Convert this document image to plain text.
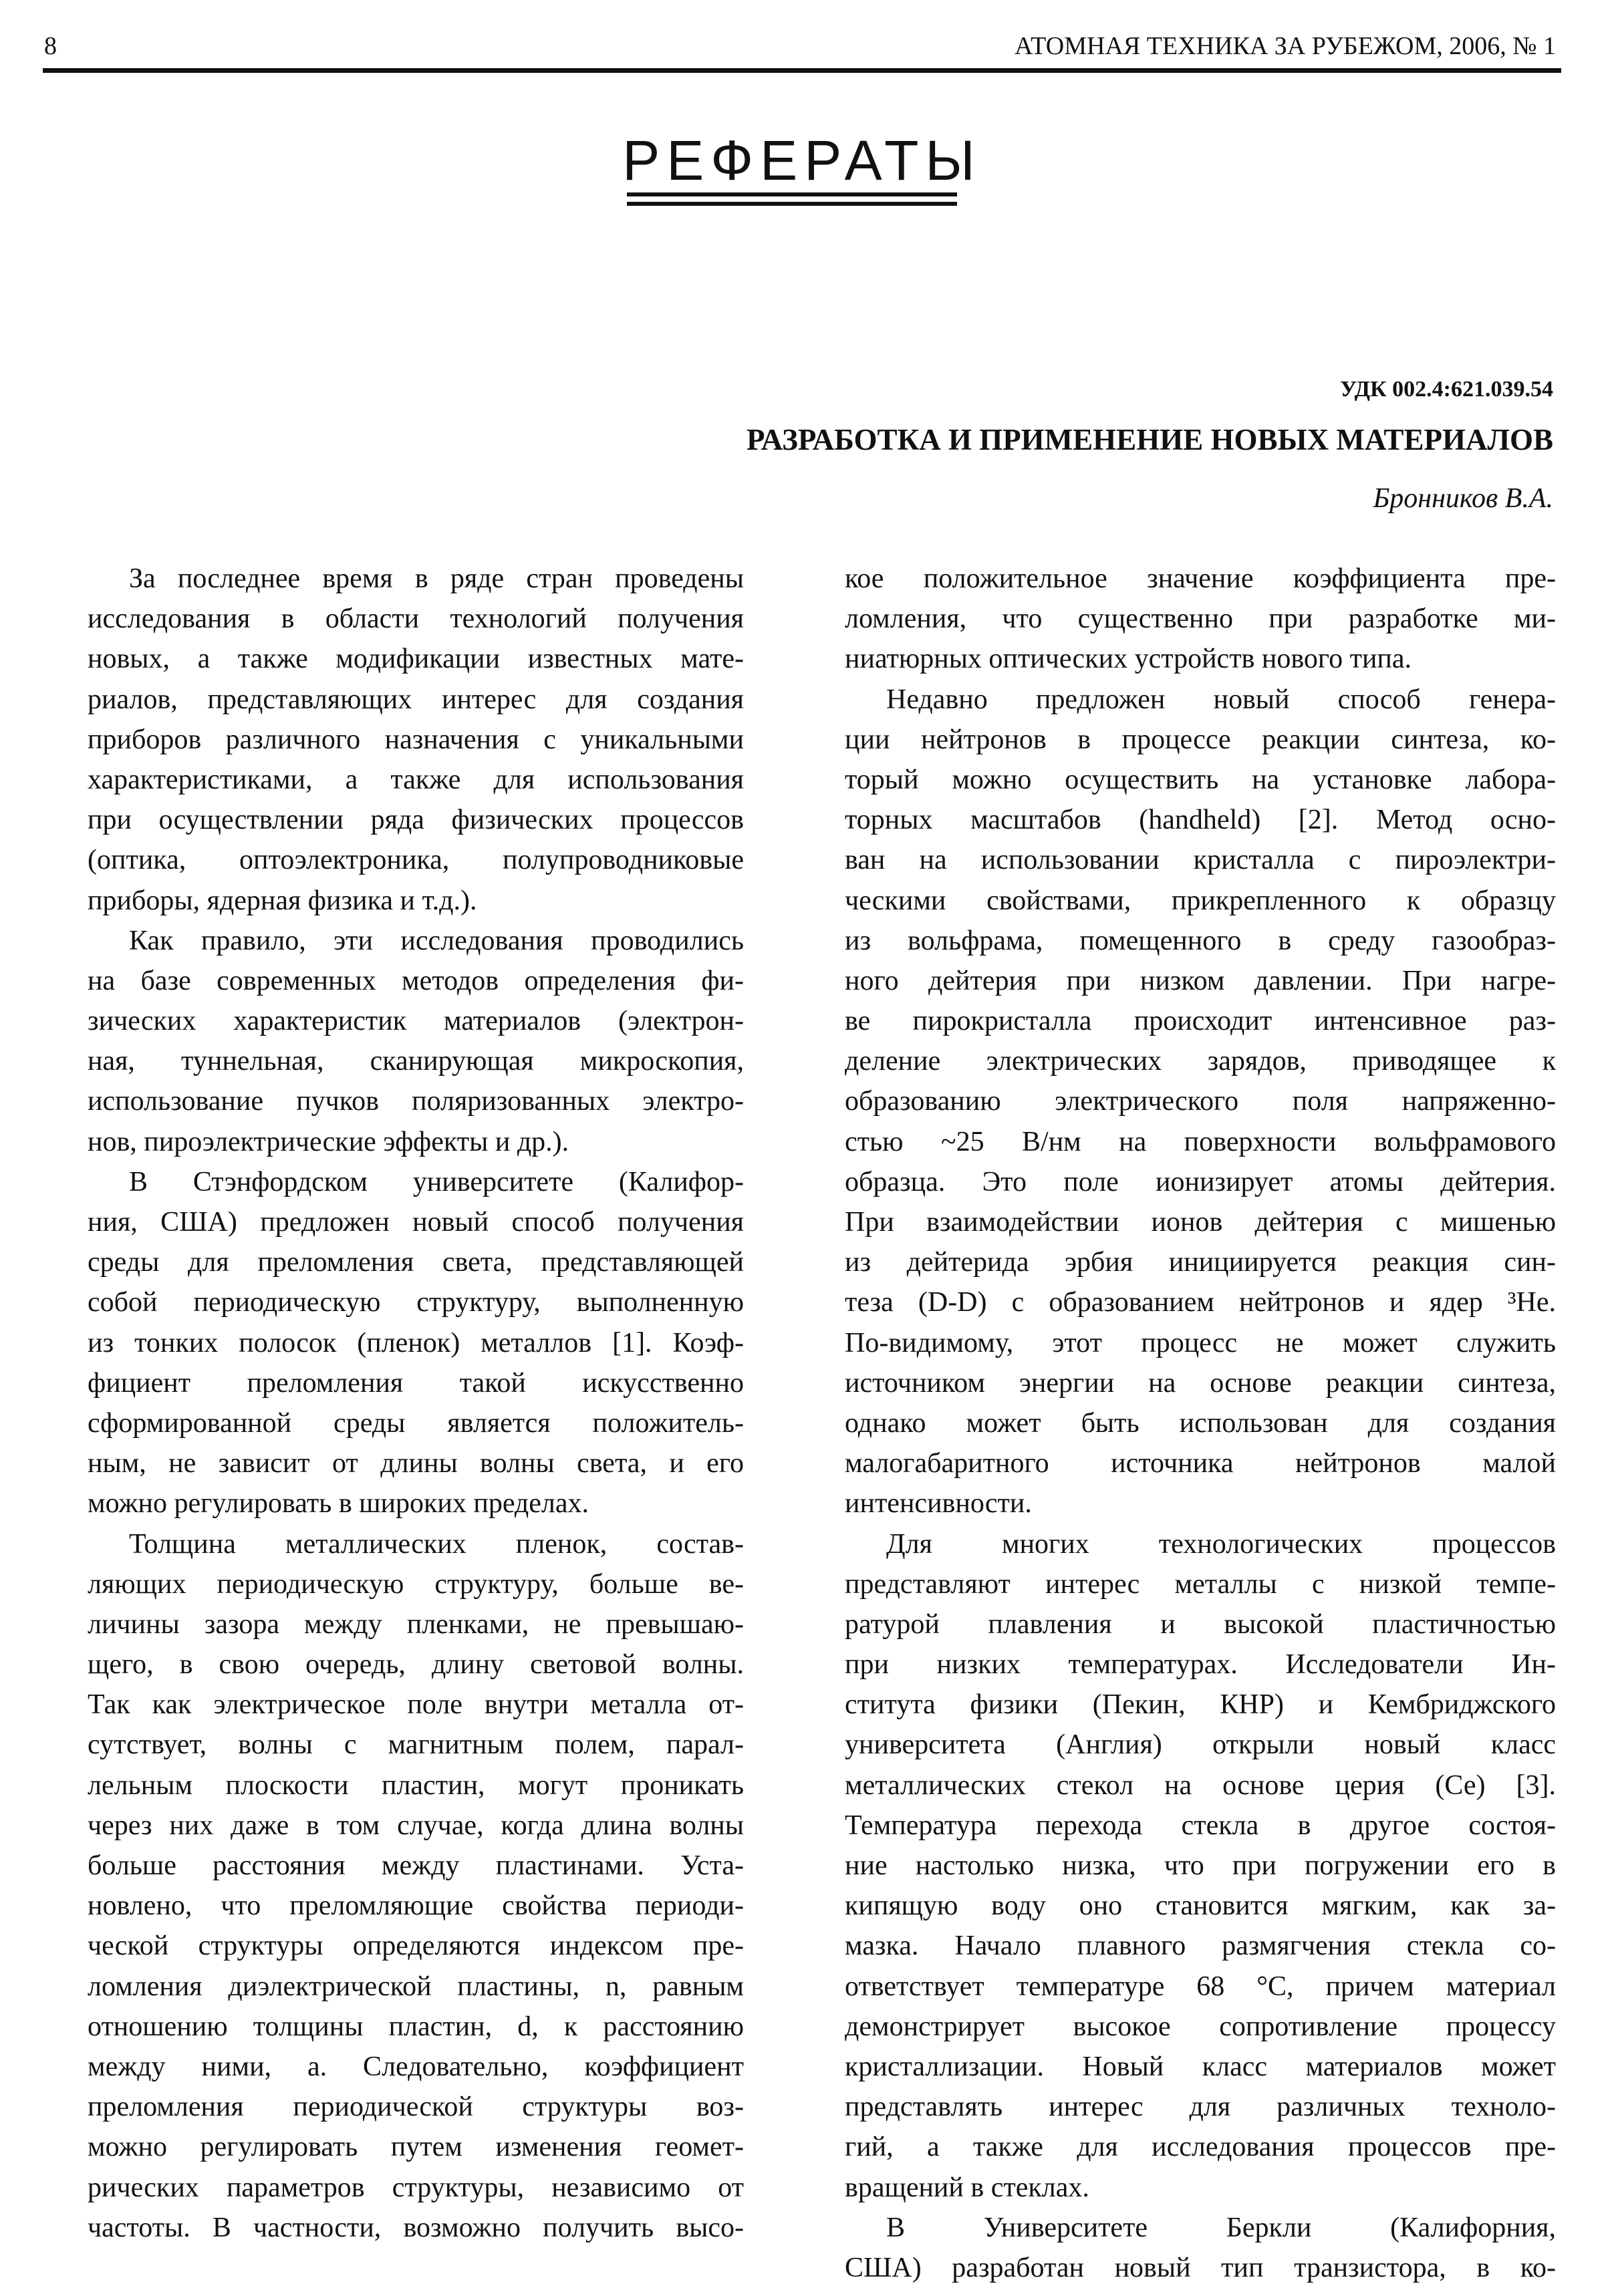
8	АТОМНАЯ ТЕХНИКА ЗА РУБЕЖОМ, 2006, № 1
РЕФЕРАТЫ
УДК 002.4:621.039.54
РАЗРАБОТКА И ПРИМЕНЕНИЕ НОВЫХ МАТЕРИАЛОВ
Бронников В.А.
За последнее время в ряде стран проведены
исследования в области технологий получения
новых, а также модификации известных мате-
риалов, представляющих интерес для создания
приборов различного назначения с уникальными
характеристиками, а также для использования
при осуществлении ряда физических процессов
(оптика, оптоэлектроника, полупроводниковые
приборы, ядерная физика и т.д.).
Как правило, эти исследования проводились
на базе современных методов определения фи-
зических характеристик материалов (электрон-
ная, туннельная, сканирующая микроскопия,
использование пучков поляризованных электро-
нов, пироэлектрические эффекты и др.).
В Стэнфордском университете (Калифор-
ния, США) предложен новый способ получения
среды для преломления света, представляющей
собой периодическую структуру, выполненную
из тонких полосок (пленок) металлов [1]. Коэф-
фициент преломления такой искусственно
сформированной среды является положитель-
ным, не зависит от длины волны света, и его
можно регулировать в широких пределах.
Толщина металлических пленок, состав-
ляющих периодическую структуру, больше ве-
личины зазора между пленками, не превышаю-
щего, в свою очередь, длину световой волны.
Так как электрическое поле внутри металла от-
сутствует, волны с магнитным полем, парал-
лельным плоскости пластин, могут проникать
через них даже в том случае, когда длина волны
больше расстояния между пластинами. Уста-
новлено, что преломляющие свойства периоди-
ческой структуры определяются индексом пре-
ломления диэлектрической пластины, n, равным
отношению толщины пластин, d, к расстоянию
между ними, a. Следовательно, коэффициент
преломления периодической структуры воз-
можно регулировать путем изменения геомет-
рических параметров структуры, независимо от
частоты. В частности, возможно получить высо-
кое положительное значение коэффициента пре-
ломления, что существенно при разработке ми-
ниатюрных оптических устройств нового типа.
Недавно предложен новый способ генера-
ции нейтронов в процессе реакции синтеза, ко-
торый можно осуществить на установке лабора-
торных масштабов (handheld) [2]. Метод осно-
ван на использовании кристалла с пироэлектри-
ческими свойствами, прикрепленного к образцу
из вольфрама, помещенного в среду газообраз-
ного дейтерия при низком давлении. При нагре-
ве пирокристалла происходит интенсивное раз-
деление электрических зарядов, приводящее к
образованию электрического поля напряженно-
стью ~25 В/нм на поверхности вольфрамового
образца. Это поле ионизирует атомы дейтерия.
При взаимодействии ионов дейтерия с мишенью
из дейтерида эрбия инициируется реакция син-
теза (D-D) с образованием нейтронов и ядер ³He.
По-видимому, этот процесс не может служить
источником энергии на основе реакции синтеза,
однако может быть использован для создания
малогабаритного источника нейтронов малой
интенсивности.
Для многих технологических процессов
представляют интерес металлы с низкой темпе-
ратурой плавления и высокой пластичностью
при низких температурах. Исследователи Ин-
ститута физики (Пекин, КНР) и Кембриджского
университета (Англия) открыли новый класс
металлических стекол на основе церия (Се) [3].
Температура перехода стекла в другое состоя-
ние настолько низка, что при погружении его в
кипящую воду оно становится мягким, как за-
мазка. Начало плавного размягчения стекла со-
ответствует температуре 68 °С, причем материал
демонстрирует высокое сопротивление процессу
кристаллизации. Новый класс материалов может
представлять интерес для различных техноло-
гий, а также для исследования процессов пре-
вращений в стеклах.
В Университете Беркли (Калифорния,
США) разработан новый тип транзистора, в ко-
